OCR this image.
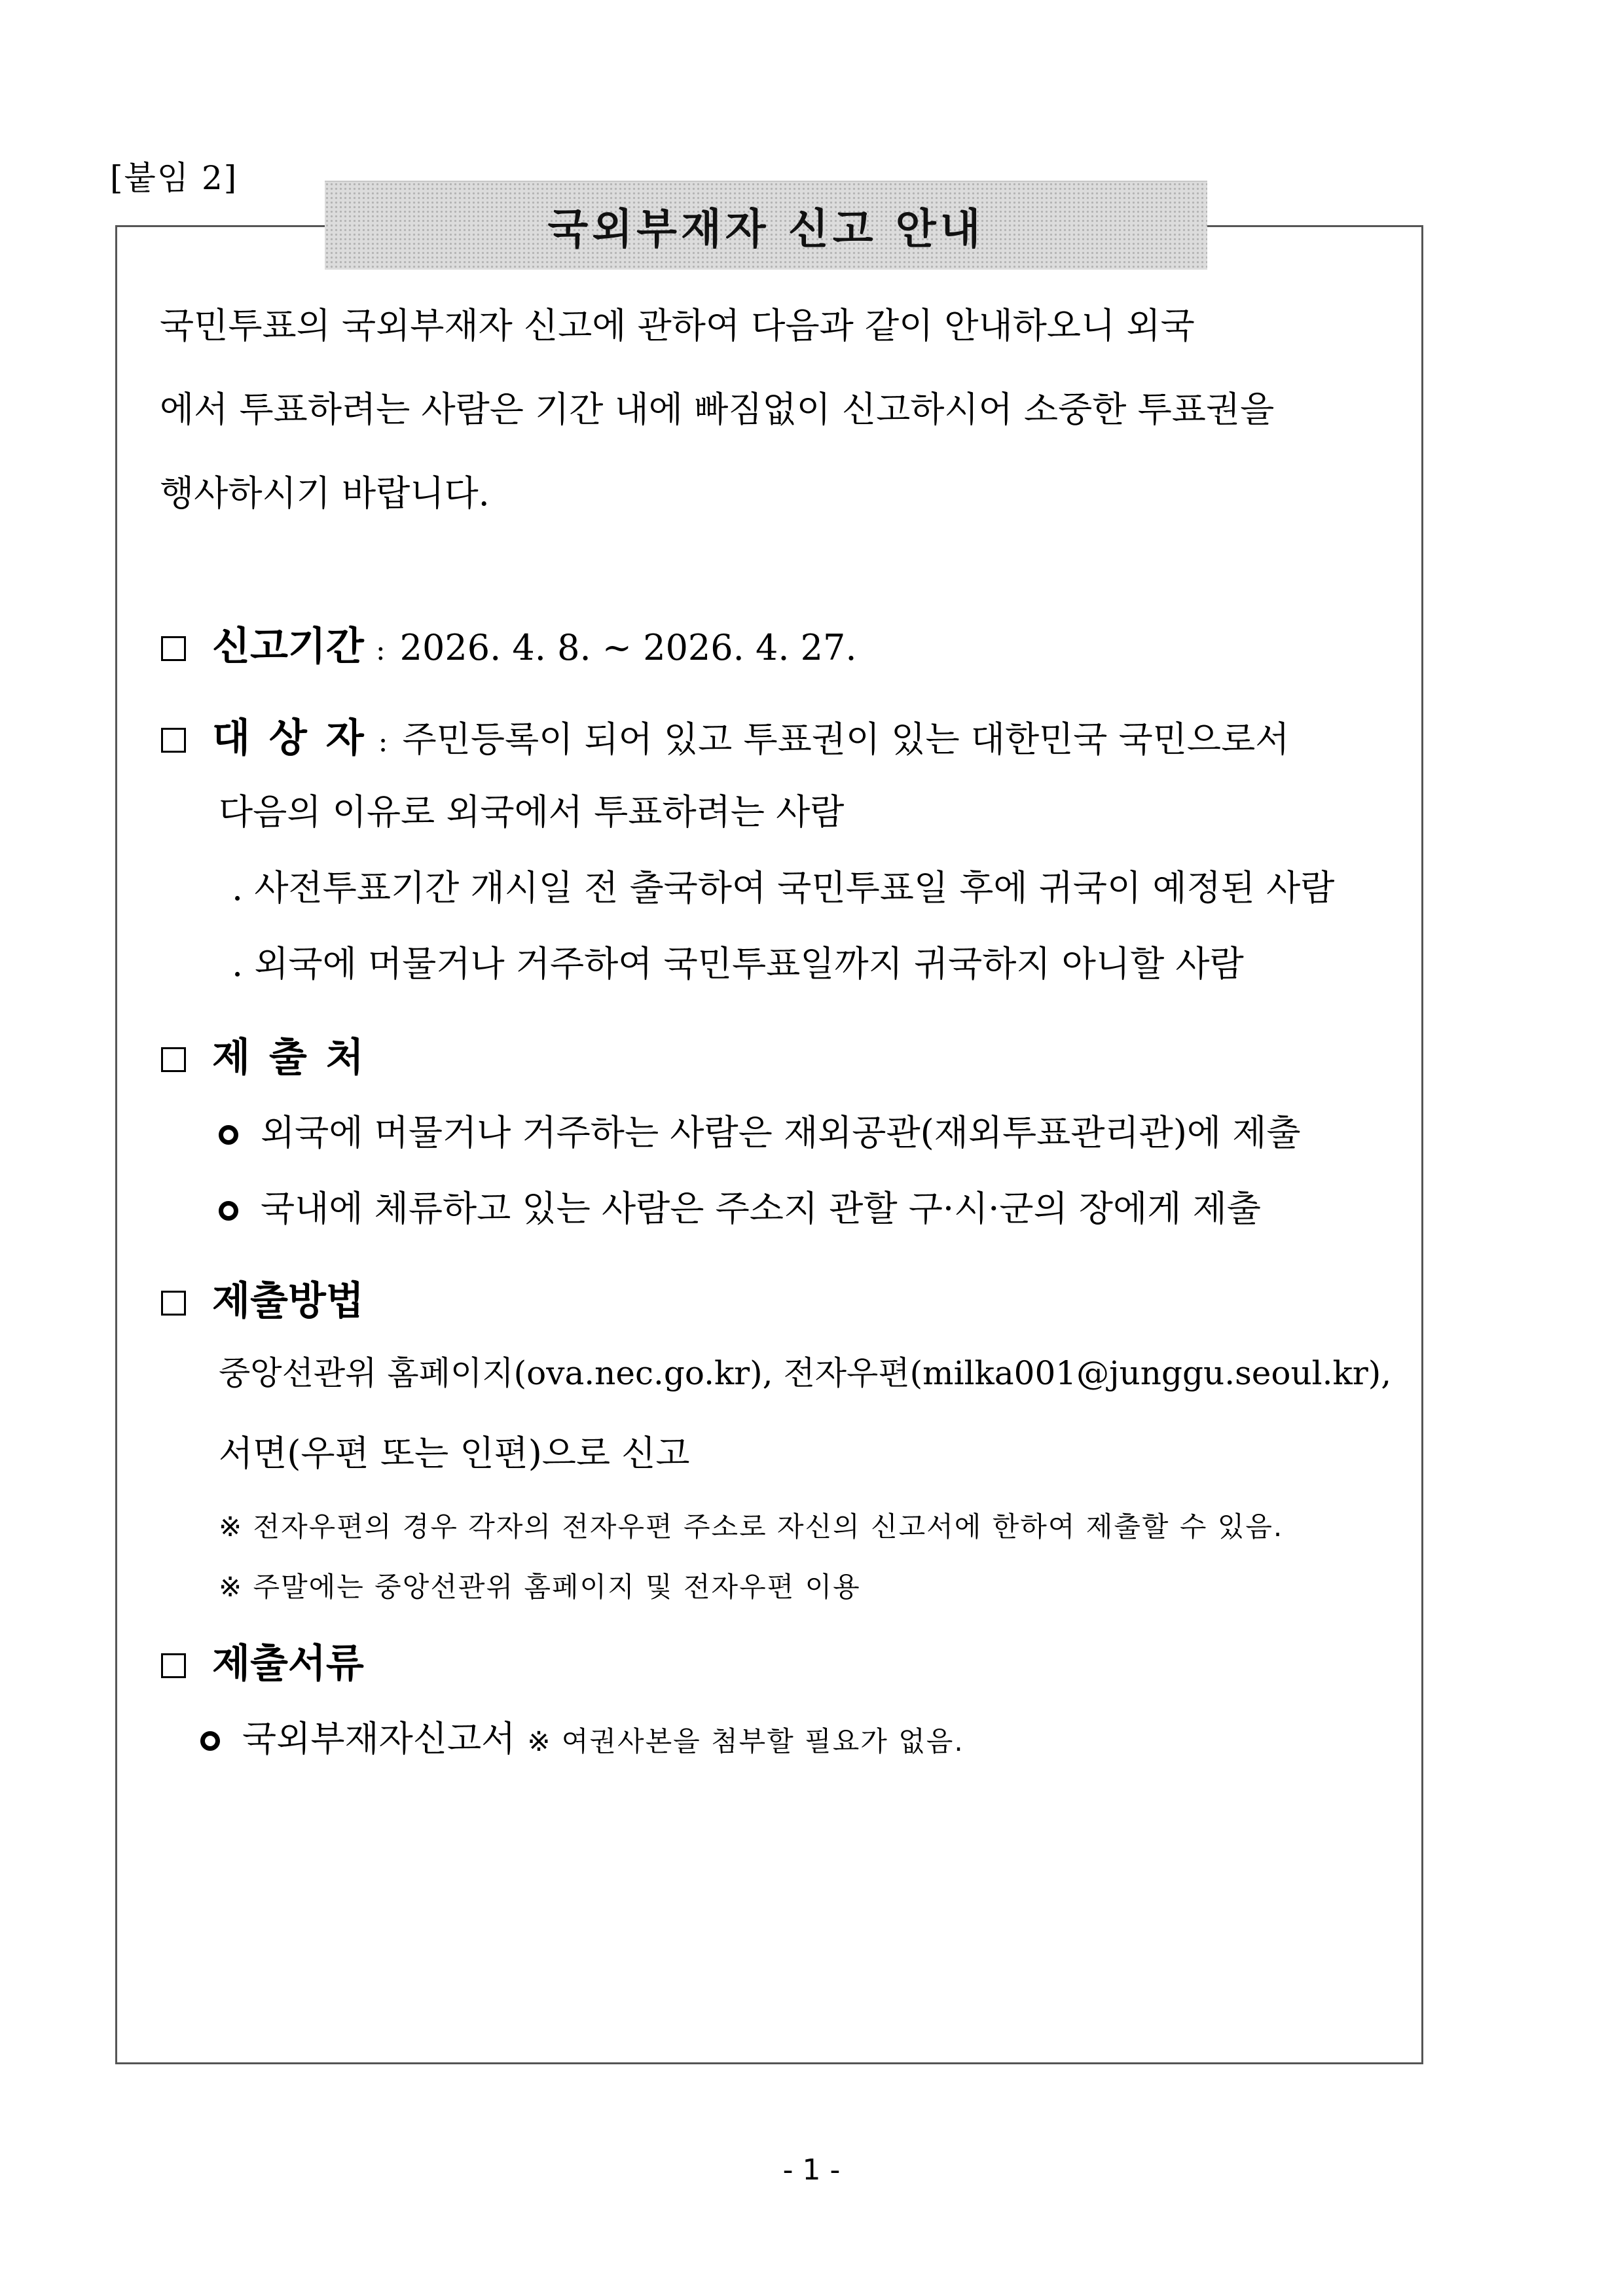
[붙임 2]
국외부재자 신고 안내
국민투표의 국외부재자 신고에 관하여 다음과 같이 안내하오니 외국
에서 투표하려는 사람은 기간 내에 빠짐없이 신고하시어 소중한 투표권을
행사하시기 바랍니다.
신고기간 : 2026. 4. 8. ~ 2026. 4. 27.
대 상 자 : 주민등록이 되어 있고 투표권이 있는 대한민국 국민으로서
다음의 이유로 외국에서 투표하려는 사람
. 사전투표기간 개시일 전 출국하여 국민투표일 후에 귀국이 예정된 사람
. 외국에 머물거나 거주하여 국민투표일까지 귀국하지 아니할 사람
제 출 처
외국에 머물거나 거주하는 사람은 재외공관(재외투표관리관)에 제출
국내에 체류하고 있는 사람은 주소지 관할 구·시·군의 장에게 제출
제출방법
중앙선관위 홈페이지(ova.nec.go.kr), 전자우편(milka001@junggu.seoul.kr),
서면(우편 또는 인편)으로 신고
※ 전자우편의 경우 각자의 전자우편 주소로 자신의 신고서에 한하여 제출할 수 있음.
※ 주말에는 중앙선관위 홈페이지 및 전자우편 이용
제출서류
국외부재자신고서 ※ 여권사본을 첨부할 필요가 없음.
- 1 -
